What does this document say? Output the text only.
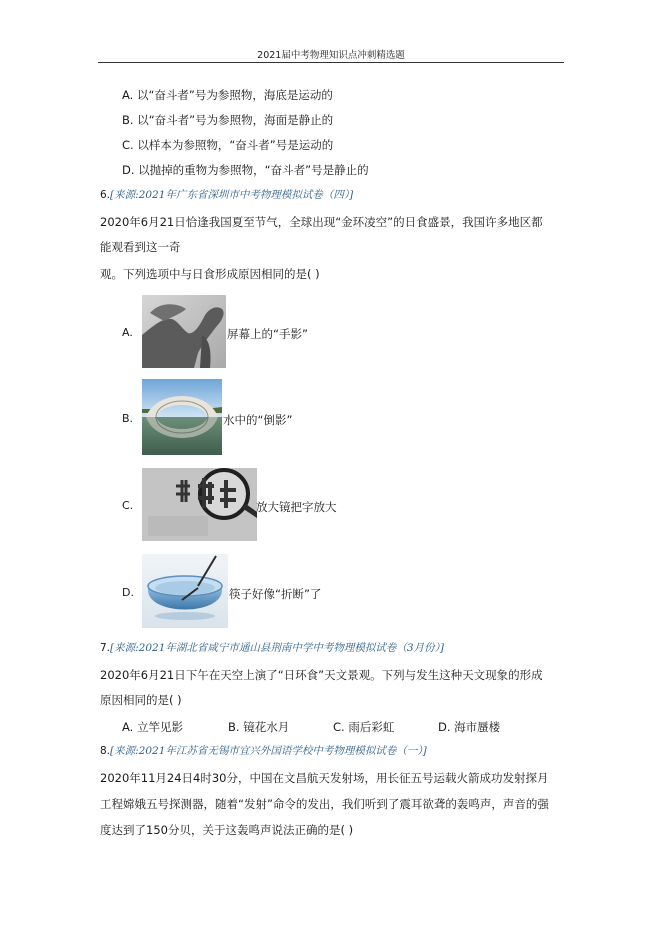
2021届中考物理知识点冲刺精选题
A. 以“奋斗者”号为参照物，海底是运动的
B. 以“奋斗者”号为参照物，海面是静止的
C. 以样本为参照物，“奋斗者”号是运动的
D. 以抛掉的重物为参照物，“奋斗者”号是静止的
6.[来源:2021年广东省深圳市中考物理模拟试卷（四）]
2020年6月21日恰逢我国夏至节气，全球出现“金环凌空”的日食盛景，我国许多地区都
能观看到这一奇
观。下列选项中与日食形成原因相同的是( )
A.	屏幕上的“手影”
B.	水中的“倒影”
C.	放大镜把字放大
D.	筷子好像“折断”了
7.[来源:2021年湖北省咸宁市通山县荆南中学中考物理模拟试卷（3月份）]
2020年6月21日下午在天空上演了“日环食”天文景观。下列与发生这种天文现象的形成
原因相同的是( )
A. 立竿见影	B. 镜花水月	C. 雨后彩虹	D. 海市蜃楼
8.[来源:2021年江苏省无锡市宜兴外国语学校中考物理模拟试卷（一）]
2020年11月24日4时30分，中国在文昌航天发射场，用长征五号运载火箭成功发射探月
工程嫦娥五号探测器，随着“发射”命令的发出，我们听到了震耳欲聋的轰鸣声，声音的强
度达到了150分贝，关于这轰鸣声说法正确的是( )
